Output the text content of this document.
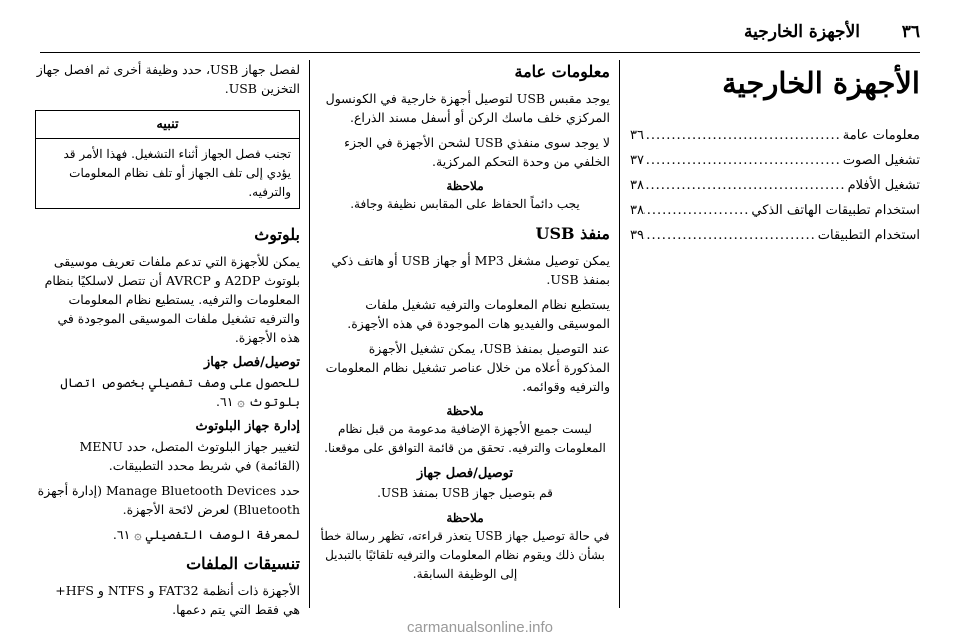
٣٦
الأجهزة الخارجية
الأجهزة الخارجية
معلومات عامة
.....
٣٦
تشغيل الصوت
.....
٣٧
تشغيل الأفلام
.....
٣٨
استخدام تطبيقات الهاتف الذكي
.....
٣٨
استخدام التطبيقات
.....
٣٩
معلومات عامة

يوجد مقبس USB لتوصيل أجهزة خارجية في الكونسول المركزي خلف ماسك الركن أو أسفل مسند الذراع.

لا يوجد سوى منفذي USB لشحن الأجهزة في الجزء الخلفي من وحدة التحكم المركزية.

ملاحظة

يجب دائماً الحفاظ على المقابس نظيفة وجافة.

منفذ USB

يمكن توصيل مشغل MP3 أو جهاز USB أو هاتف ذكي بمنفذ USB.

يستطيع نظام المعلومات والترفيه تشغيل ملفات الموسيقى والفيديو هات الموجودة في هذه الأجهزة.

عند التوصيل بمنفذ USB، يمكن تشغيل الأجهزة المذكورة أعلاه من خلال عناصر تشغيل نظام المعلومات والترفيه وقوائمه.

ملاحظة

ليست جميع الأجهزة الإضافية مدعومة من قبل نظام المعلومات والترفيه. تحقق من قائمة التوافق على موقعنا.

توصيل/فصل جهاز

قم بتوصيل جهاز USB بمنفذ USB.

ملاحظة

في حالة توصيل جهاز USB يتعذر قراءته، تظهر رسالة خطأ بشأن ذلك ويقوم نظام المعلومات والترفيه تلقائيًا بالتبديل إلى الوظيفة السابقة.

لفصل جهاز USB، حدد وظيفة أخرى ثم افصل جهاز التخزين USB.

تنبيه
تجنب فصل الجهاز أثناء التشغيل. فهذا الأمر قد يؤدي إلى تلف الجهاز أو تلف نظام المعلومات والترفيه.
بلوتوث

يمكن للأجهزة التي تدعم ملفات تعريف موسيقى بلوتوث A2DP و AVRCP أن تتصل لاسلكيًا بنظام المعلومات والترفيه. يستطيع نظام المعلومات والترفيه تشغيل ملفات الموسيقى الموجودة في هذه الأجهزة.

توصيل/فصل جهاز

للحصول على وصف تفصيلي بخصوص اتصال بلوتوث ۞ ٦١.

إدارة جهاز البلوتوث

لتغيير جهاز البلوتوث المتصل، حدد MENU (القائمة) في شريط محدد التطبيقات.

حدد Manage Bluetooth Devices (إدارة أجهزة Bluetooth) لعرض لائحة الأجهزة.

لمعرفة الوصف التفصيلي ۞ ٦١.

تنسيقات الملفات

الأجهزة ذات أنظمة FAT32 و NTFS و HFS+ هي فقط التي يتم دعمها.

carmanualsonline.info
